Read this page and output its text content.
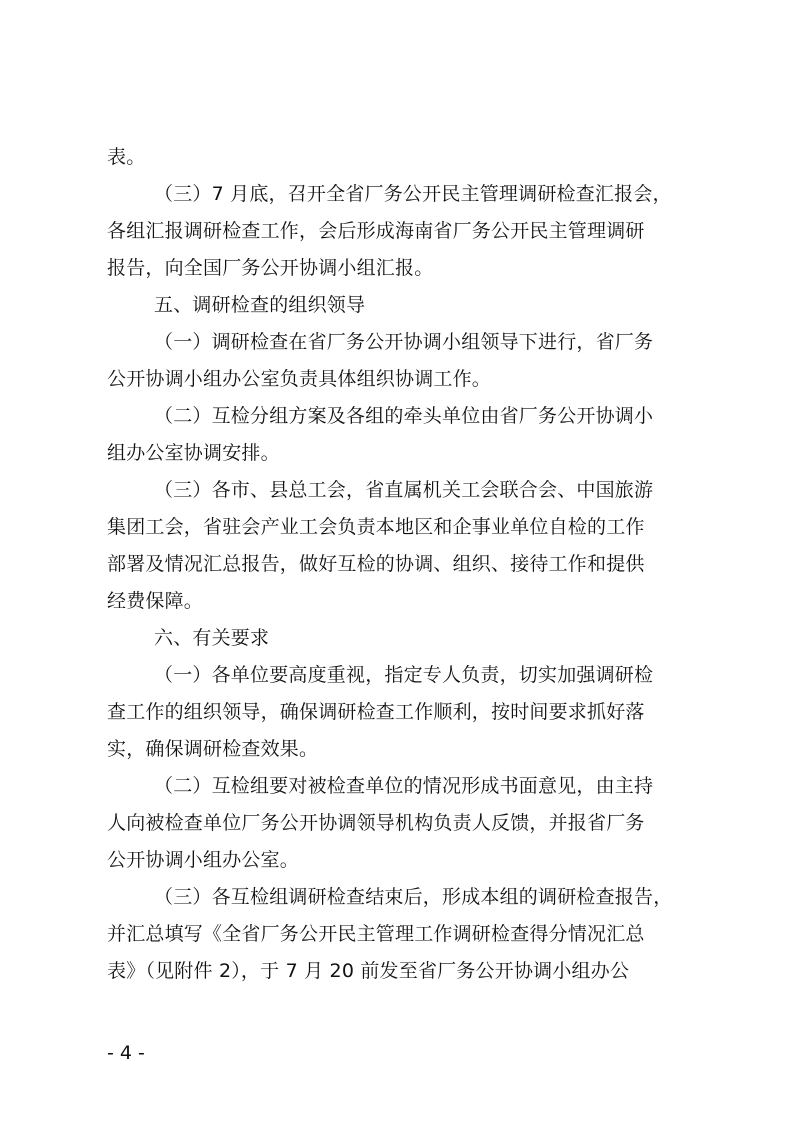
表。
（三）7 月底，召开全省厂务公开民主管理调研检查汇报会，
各组汇报调研检查工作，会后形成海南省厂务公开民主管理调研
报告，向全国厂务公开协调小组汇报。
五、调研检查的组织领导
（一）调研检查在省厂务公开协调小组领导下进行，省厂务
公开协调小组办公室负责具体组织协调工作。
（二）互检分组方案及各组的牵头单位由省厂务公开协调小
组办公室协调安排。
（三）各市、县总工会，省直属机关工会联合会、中国旅游
集团工会，省驻会产业工会负责本地区和企事业单位自检的工作
部署及情况汇总报告，做好互检的协调、组织、接待工作和提供
经费保障。
六、有关要求
（一）各单位要高度重视，指定专人负责，切实加强调研检
查工作的组织领导，确保调研检查工作顺利，按时间要求抓好落
实，确保调研检查效果。
（二）互检组要对被检查单位的情况形成书面意见，由主持
人向被检查单位厂务公开协调领导机构负责人反馈，并报省厂务
公开协调小组办公室。
（三）各互检组调研检查结束后，形成本组的调研检查报告，
并汇总填写《全省厂务公开民主管理工作调研检查得分情况汇总
表》（见附件 2），于 7 月 20 前发至省厂务公开协调小组办公
- 4 -
